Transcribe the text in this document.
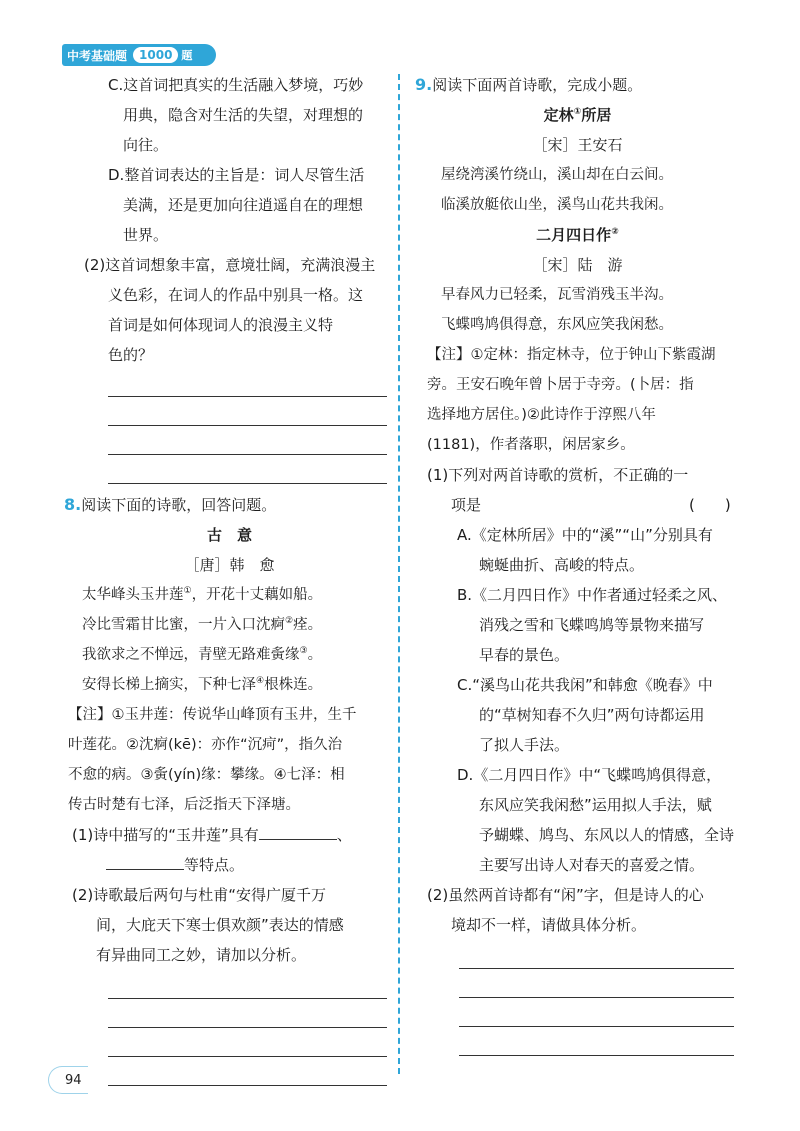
中考基础题	1000 题
C.这首词把真实的生活融入梦境，巧妙
用典，隐含对生活的失望，对理想的
向往。
D.整首词表达的主旨是：词人尽管生活
美满，还是更加向往逍遥自在的理想
世界。
(2)这首词想象丰富，意境壮阔，充满浪漫主
义色彩，在词人的作品中别具一格。这
首词是如何体现词人的浪漫主义特
色的？
8.阅读下面的诗歌，回答问题。
古　意
［唐］韩　愈
太华峰头玉井莲①，开花十丈藕如船。
冷比雪霜甘比蜜，一片入口沈痾②痊。
我欲求之不惮远，青壁无路难夤缘③。
安得长梯上摘实，下种七泽④根株连。
【注】①玉井莲：传说华山峰顶有玉井，生千
叶莲花。②沈痾(kē)：亦作“沉疴”，指久治
不愈的病。③夤(yín)缘：攀缘。④七泽：相
传古时楚有七泽，后泛指天下泽塘。
(1)诗中描写的“玉井莲”具有	、
等特点。
(2)诗歌最后两句与杜甫“安得广厦千万
间，大庇天下寒士俱欢颜”表达的情感
有异曲同工之妙，请加以分析。
9.阅读下面两首诗歌，完成小题。
定林①所居
［宋］王安石
屋绕湾溪竹绕山，溪山却在白云间。
临溪放艇依山坐，溪鸟山花共我闲。
二月四日作②
［宋］陆　游
早春风力已轻柔，瓦雪消残玉半沟。
飞蝶鸣鸠俱得意，东风应笑我闲愁。
【注】①定林：指定林寺，位于钟山下紫霞湖
旁。王安石晚年曾卜居于寺旁。(卜居：指
选择地方居住。)②此诗作于淳熙八年
(1181)，作者落职，闲居家乡。
(1)下列对两首诗歌的赏析，不正确的一
项是	(　　)
A.《定林所居》中的“溪”“山”分别具有
蜿蜒曲折、高峻的特点。
B.《二月四日作》中作者通过轻柔之风、
消残之雪和飞蝶鸣鸠等景物来描写
早春的景色。
C.“溪鸟山花共我闲”和韩愈《晚春》中
的“草树知春不久归”两句诗都运用
了拟人手法。
D.《二月四日作》中“飞蝶鸣鸠俱得意，
东风应笑我闲愁”运用拟人手法，赋
予蝴蝶、鸠鸟、东风以人的情感，全诗
主要写出诗人对春天的喜爱之情。
(2)虽然两首诗都有“闲”字，但是诗人的心
境却不一样，请做具体分析。
94
